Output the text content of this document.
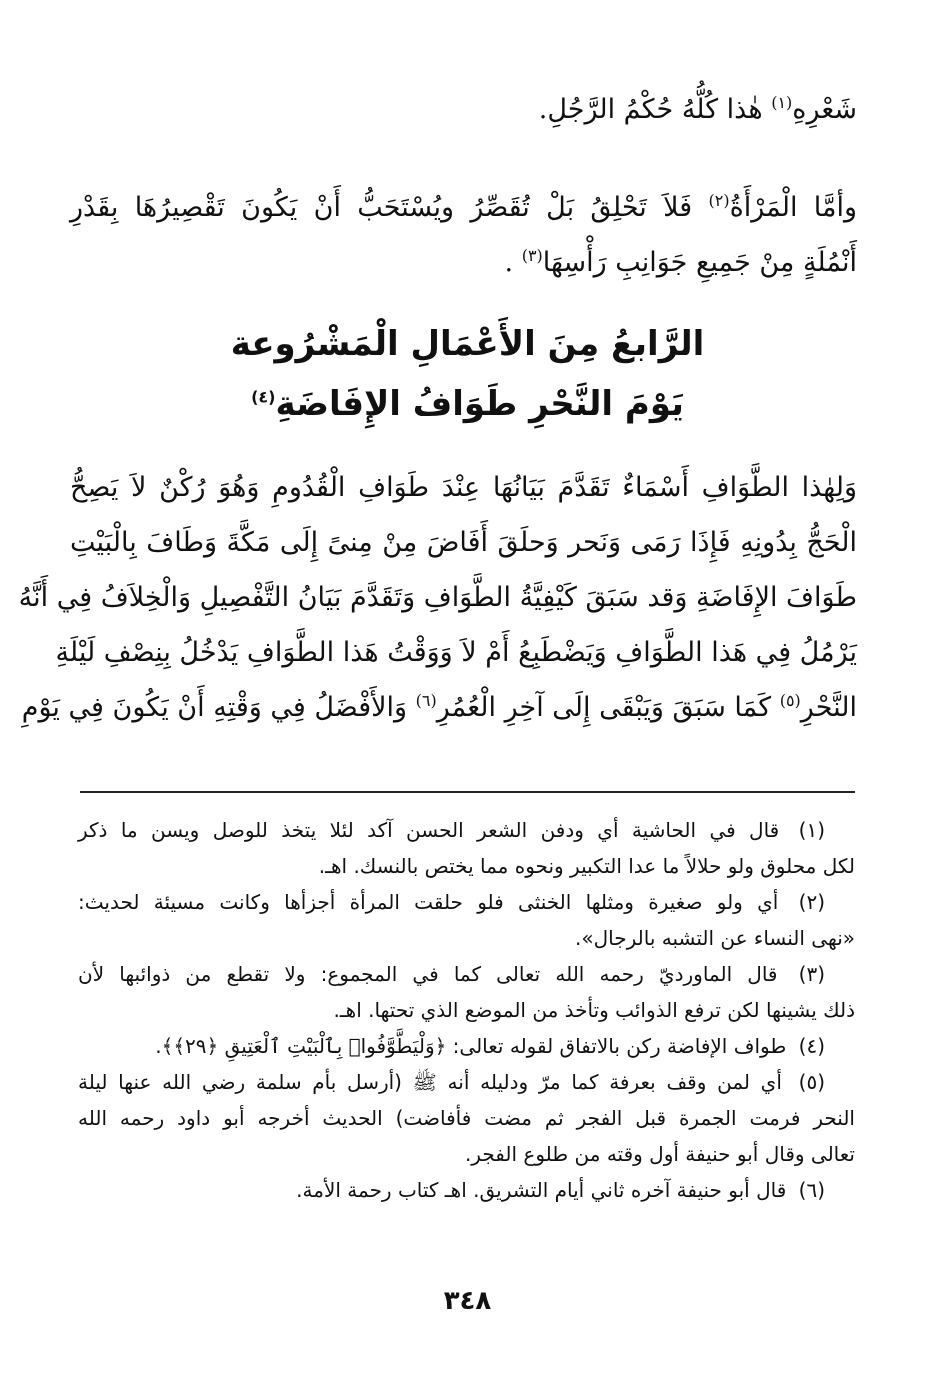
شَعْرِهِ$^{(١)}$ هٰذا كُلُّهُ حُكْمُ الرَّجُلِ.
وأمَّا الْمَرْأَةُ$^{(٢)}$ فَلاَ تَحْلِقُ بَلْ تُقَصِّرُ ويُسْتَحَبُّ أَنْ يَكُونَ تَقْصِيرُهَا بِقَدْرِ
أَنْمُلَةٍ مِنْ جَمِيعِ جَوَانِبِ رَأْسِهَا$^{(٣)}$ .
الرَّابعُ مِنَ الأَعْمَالِ الْمَشْرُوعة
يَوْمَ النَّحْرِ طَوَافُ الإِفَاضَةِ$^{(٤)}$
وَلِهٰذا الطَّوَافِ أَسْمَاءٌ تَقَدَّمَ بَيَانُهَا عِنْدَ طَوَافِ الْقُدُومِ وَهُوَ رُكْنٌ لاَ يَصِحُّ
الْحَجُّ بِدُونِهِ فَإِذَا رَمَى وَنَحر وَحلَقَ أَفَاضَ مِنْ مِنىً إِلَى مَكَّةَ وَطَافَ بِالْبَيْتِ
طَوَافَ الإِفَاضَةِ وَقد سَبَقَ كَيْفِيَّةُ الطَّوَافِ وَتَقَدَّمَ بَيَانُ التَّفْصِيلِ وَالْخِلاَفُ فِي أَنَّهُ
يَرْمُلُ فِي هَذا الطَّوَافِ وَيَضْطَبِعُ أَمْ لاَ وَوَقْتُ هَذا الطَّوَافِ يَدْخُلُ بِنِصْفِ لَيْلَةِ
النَّحْرِ$^{(٥)}$ كَمَا سَبَقَ وَيَبْقَى إِلَى آخِرِ الْعُمُرِ$^{(٦)}$ وَالأَفْضَلُ فِي وَقْتِهِ أَنْ يَكُونَ فِي يَوْمِ
(١) قال في الحاشية أي ودفن الشعر الحسن آكد لئلا يتخذ للوصل ويسن ما ذكر
لكل محلوق ولو حلالاً ما عدا التكبير ونحوه مما يختص بالنسك. اهـ.
(٢) أي ولو صغيرة ومثلها الخنثى فلو حلقت المرأة أجزأها وكانت مسيئة لحديث:
«نهى النساء عن التشبه بالرجال».
(٣) قال الماورديّ رحمه الله تعالى كما في المجموع: ولا تقطع من ذوائبها لأن
ذلك يشينها لكن ترفع الذوائب وتأخذ من الموضع الذي تحتها. اهـ.
(٤) طواف الإفاضة ركن بالاتفاق لقوله تعالى: ﴿وَلْيَطَّوَّفُوا۟ بِٱلْبَيْتِ ٱلْعَتِيقِ ﴿٢٩﴾﴾.
(٥) أي لمن وقف بعرفة كما مرّ ودليله أنه ﷺ (أرسل بأم سلمة رضي الله عنها ليلة
النحر فرمت الجمرة قبل الفجر ثم مضت فأفاضت) الحديث أخرجه أبو داود رحمه الله
تعالى وقال أبو حنيفة أول وقته من طلوع الفجر.
(٦) قال أبو حنيفة آخره ثاني أيام التشريق. اهـ كتاب رحمة الأمة.
٣٤٨
